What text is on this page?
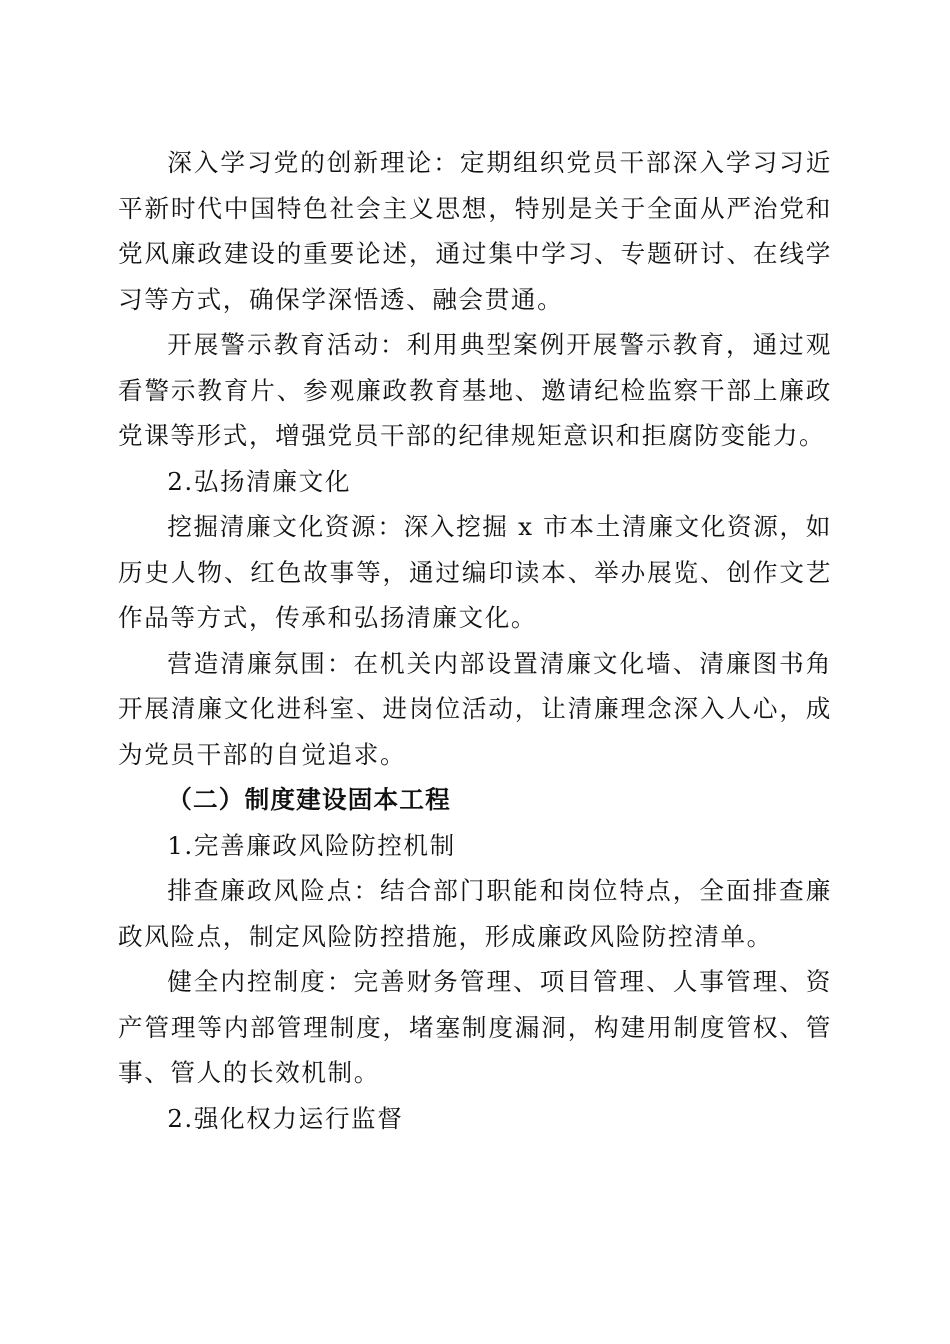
深入学习党的创新理论：定期组织党员干部深入学习习近平新时代中国特色社会主义思想，特别是关于全面从严治党和党风廉政建设的重要论述，通过集中学习、专题研讨、在线学习等方式，确保学深悟透、融会贯通。

开展警示教育活动：利用典型案例开展警示教育，通过观看警示教育片、参观廉政教育基地、邀请纪检监察干部上廉政党课等形式，增强党员干部的纪律规矩意识和拒腐防变能力。

2.弘扬清廉文化

挖掘清廉文化资源：深入挖掘 x 市本土清廉文化资源，如历史人物、红色故事等，通过编印读本、举办展览、创作文艺作品等方式，传承和弘扬清廉文化。

营造清廉氛围：在机关内部设置清廉文化墙、清廉图书角开展清廉文化进科室、进岗位活动，让清廉理念深入人心，成为党员干部的自觉追求。

（二）制度建设固本工程

1.完善廉政风险防控机制

排查廉政风险点：结合部门职能和岗位特点，全面排查廉政风险点，制定风险防控措施，形成廉政风险防控清单。

健全内控制度：完善财务管理、项目管理、人事管理、资产管理等内部管理制度，堵塞制度漏洞，构建用制度管权、管事、管人的长效机制。

2.强化权力运行监督
